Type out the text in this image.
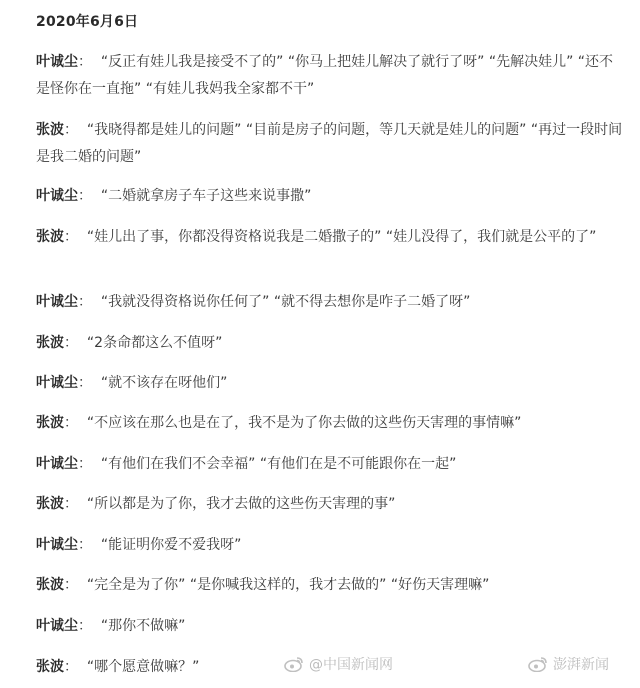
2020年6月6日
叶诚尘： “反正有娃儿我是接受不了的” “你马上把娃儿解决了就行了呀” “先解决娃儿” “还不是怪你在一直拖” “有娃儿我妈我全家都不干”
张波： “我晓得都是娃儿的问题” “目前是房子的问题，等几天就是娃儿的问题” “再过一段时间是我二婚的问题”
叶诚尘： “二婚就拿房子车子这些来说事撒”
张波： “娃儿出了事，你都没得资格说我是二婚撒子的” “娃儿没得了，我们就是公平的了”
叶诚尘： “我就没得资格说你任何了” “就不得去想你是咋子二婚了呀”
张波： “2条命都这么不值呀”
叶诚尘： “就不该存在呀他们”
张波： “不应该在那么也是在了，我不是为了你去做的这些伤天害理的事情嘛”
叶诚尘： “有他们在我们不会幸福” “有他们在是不可能跟你在一起”
张波： “所以都是为了你，我才去做的这些伤天害理的事”
叶诚尘： “能证明你爱不爱我呀”
张波： “完全是为了你” “是你喊我这样的，我才去做的” “好伤天害理嘛”
叶诚尘： “那你不做嘛”
张波： “哪个愿意做嘛？”	@中国新闻网	澎湃新闻
